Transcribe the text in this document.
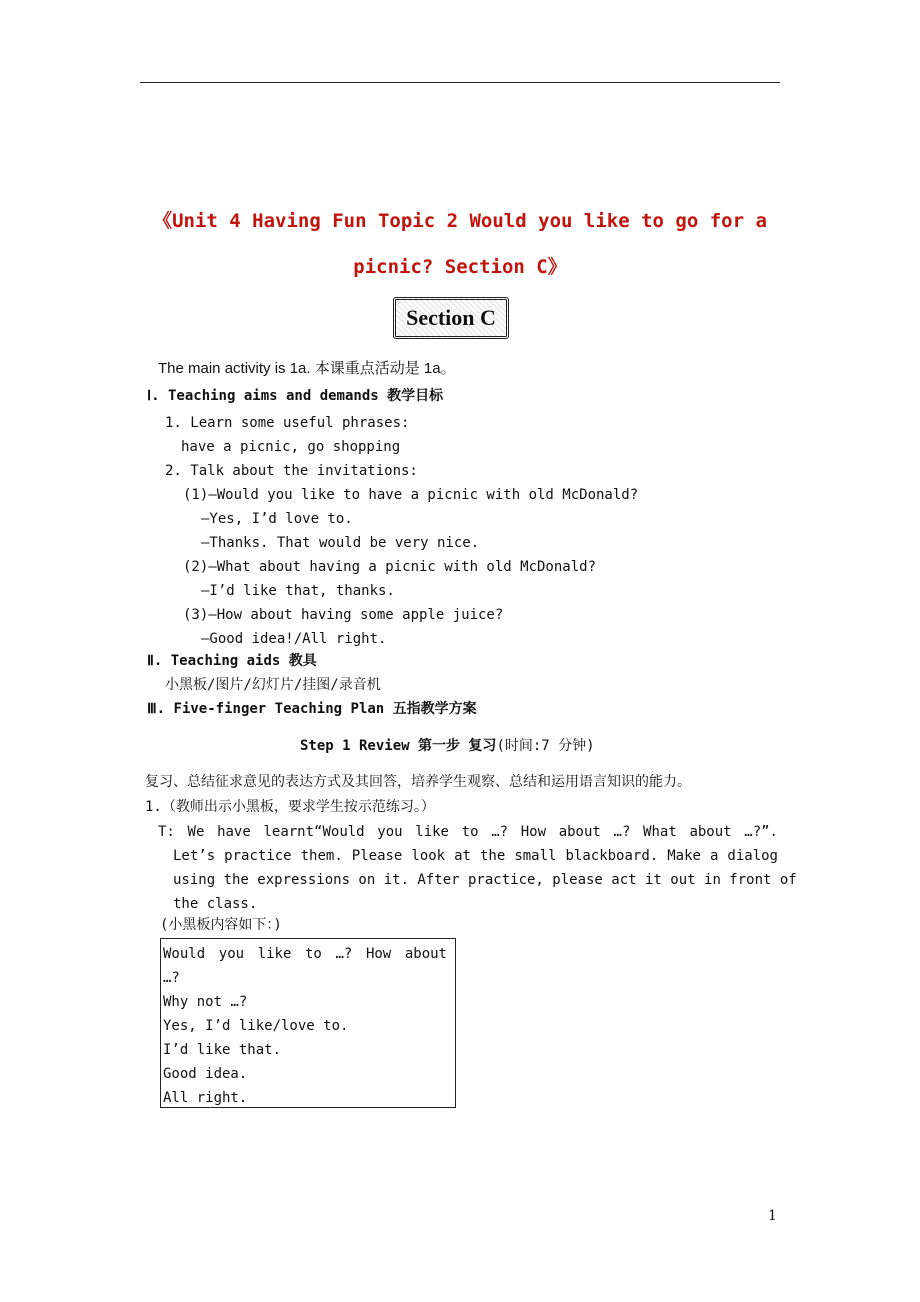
《Unit 4 Having Fun Topic 2 Would you like to go for a
picnic? Section C》
Section C
The main activity is 1a. 本课重点活动是 1a。
Ⅰ. Teaching aims and demands 教学目标
1. Learn some useful phrases:
have a picnic, go shopping
2. Talk about the invitations:
(1)—Would you like to have a picnic with old McDonald?
—Yes, I’d love to.
—Thanks. That would be very nice.
(2)—What about having a picnic with old McDonald?
—I’d like that, thanks.
(3)—How about having some apple juice?
—Good idea!/All right.
Ⅱ. Teaching aids 教具
小黑板/图片/幻灯片/挂图/录音机
Ⅲ. Five-finger Teaching Plan 五指教学方案
Step 1 Review 第一步 复习(时间:7 分钟)
复习、总结征求意见的表达方式及其回答，培养学生观察、总结和运用语言知识的能力。
1.（教师出示小黑板，要求学生按示范练习。）
T: We have learnt“Would you like to …? How about …? What about …?”.
Let’s practice them. Please look at the small blackboard. Make a dialog
using the expressions on it. After practice, please act it out in front of
the class.
(小黑板内容如下：)
Would you like to …? How about
…?
Why not …?
Yes, I’d like/love to.
I’d like that.
Good idea.
All right.
1
